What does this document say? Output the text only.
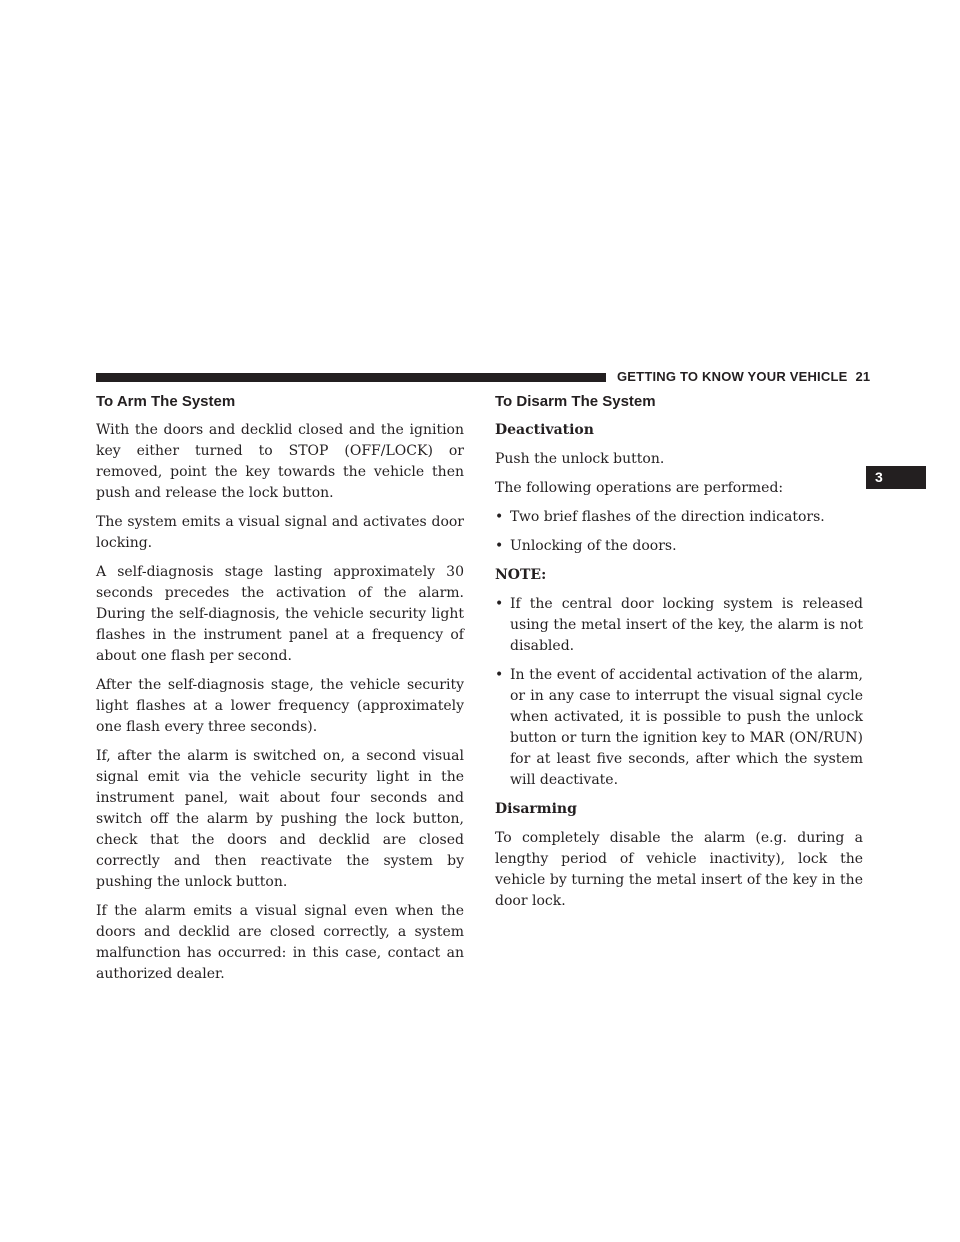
GETTING TO KNOW YOUR VEHICLE 21
3
To Arm The System

With the doors and decklid closed and the ignition key either turned to STOP (OFF/LOCK) or removed, point the key towards the vehicle then push and release the lock button.

The system emits a visual signal and activates door locking.

A self-diagnosis stage lasting approximately 30 seconds precedes the activation of the alarm. During the self-diagnosis, the vehicle security light flashes in the instrument panel at a frequency of about one flash per second.

After the self-diagnosis stage, the vehicle security light flashes at a lower frequency (approximately one flash every three seconds).

If, after the alarm is switched on, a second visual signal emit via the vehicle security light in the instrument panel, wait about four seconds and switch off the alarm by pushing the lock button, check that the doors and decklid are closed correctly and then reactivate the system by pushing the unlock button.

If the alarm emits a visual signal even when the doors and decklid are closed correctly, a system malfunction has occurred: in this case, contact an authorized dealer.

To Disarm The System
Deactivation

Push the unlock button.

The following operations are performed:

• Two brief flashes of the direction indicators.
• Unlocking of the doors.
NOTE:
• If the central door locking system is released using the metal insert of the key, the alarm is not disabled.
• In the event of accidental activation of the alarm, or in any case to interrupt the visual signal cycle when activated, it is possible to push the unlock button or turn the ignition key to MAR (ON/RUN) for at least five seconds, after which the system will deactivate.
Disarming

To completely disable the alarm (e.g. during a lengthy period of vehicle inactivity), lock the vehicle by turning the metal insert of the key in the door lock.
